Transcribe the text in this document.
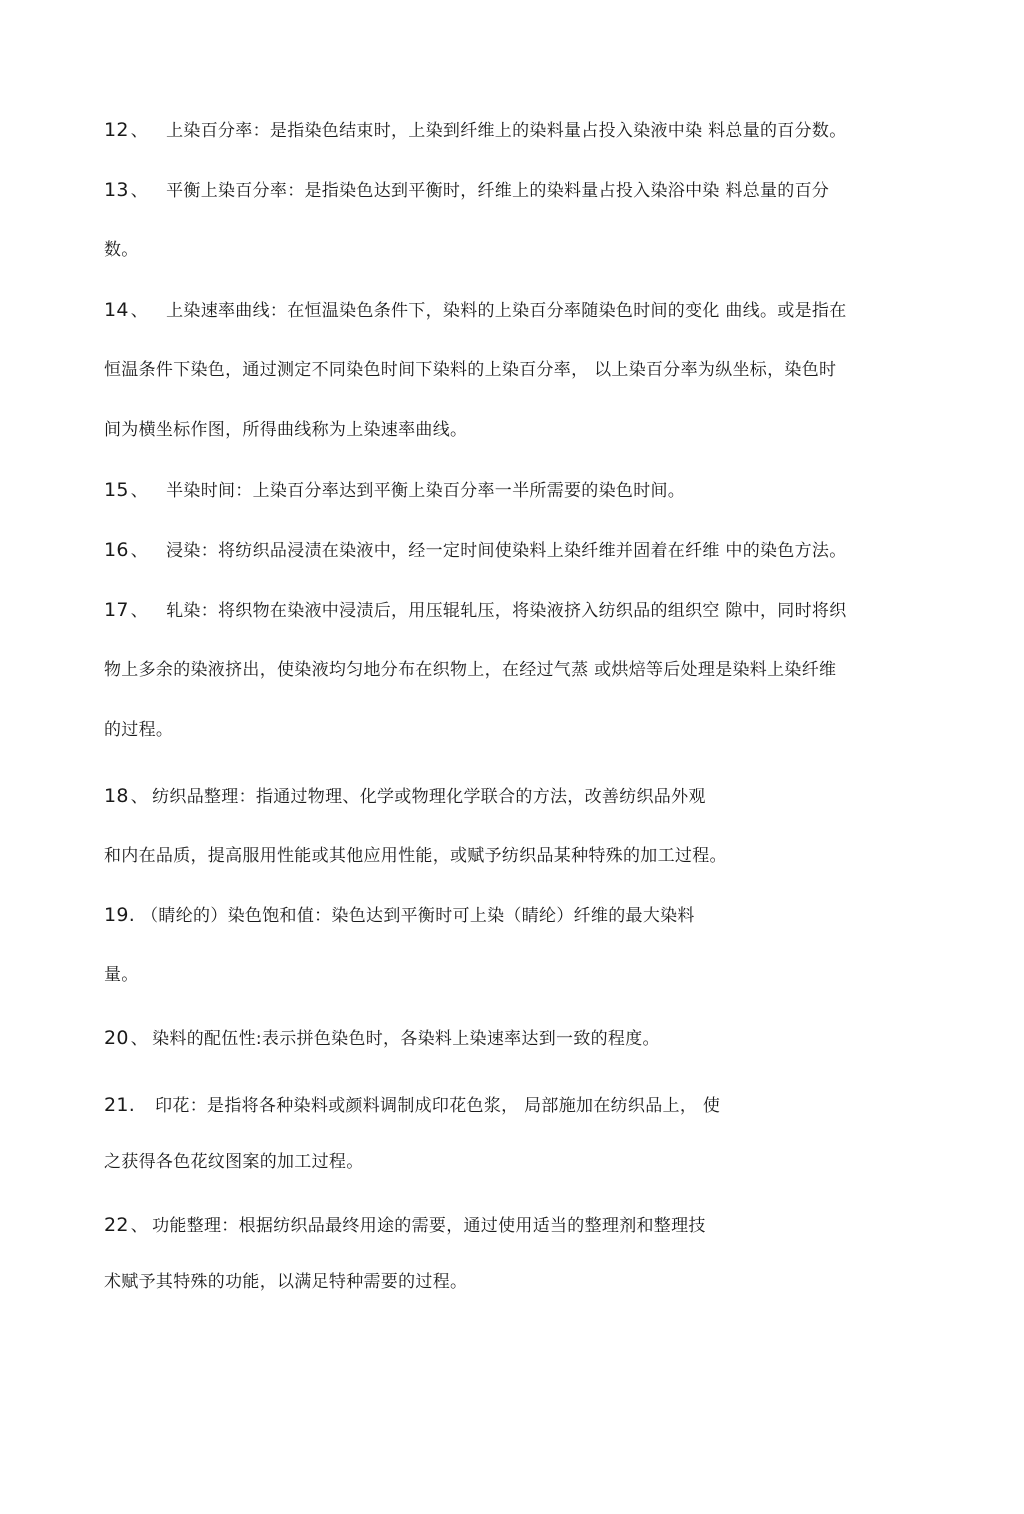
12 、 上染百分率：是指染色结束时，上染到纤维上的染料量占投入染液中染 料总量的百分数。
13 、 平衡上染百分率：是指染色达到平衡时，纤维上的染料量占投入染浴中染 料总量的百分
数。
14 、 上染速率曲线：在恒温染色条件下，染料的上染百分率随染色时间的变化 曲线。或是指在
恒温条件下染色，通过测定不同染色时间下染料的上染百分率， 以上染百分率为纵坐标，染色时
间为横坐标作图，所得曲线称为上染速率曲线。
15 、 半染时间：上染百分率达到平衡上染百分率一半所需要的染色时间。
16 、 浸染：将纺织品浸渍在染液中，经一定时间使染料上染纤维并固着在纤维 中的染色方法。
17 、 轧染：将织物在染液中浸渍后，用压辊轧压，将染液挤入纺织品的组织空 隙中，同时将织
物上多余的染液挤出，使染液均匀地分布在织物上，在经过气蒸 或烘焙等后处理是染料上染纤维
的过程。
18 、 纺织品整理：指通过物理、化学或物理化学联合的方法，改善纺织品外观
和内在品质，提高服用性能或其他应用性能，或赋予纺织品某种特殊的加工过程。
19. （睛纶的）染色饱和值：染色达到平衡时可上染（睛纶）纤维的最大染料
量。
20 、 染料的配伍性:表示拼色染色时，各染料上染速率达到一致的程度。
21. 印花：是指将各种染料或颜料调制成印花色浆， 局部施加在纺织品上， 使
之获得各色花纹图案的加工过程。
22 、 功能整理：根据纺织品最终用途的需要，通过使用适当的整理剂和整理技
术赋予其特殊的功能，以满足特种需要的过程。
